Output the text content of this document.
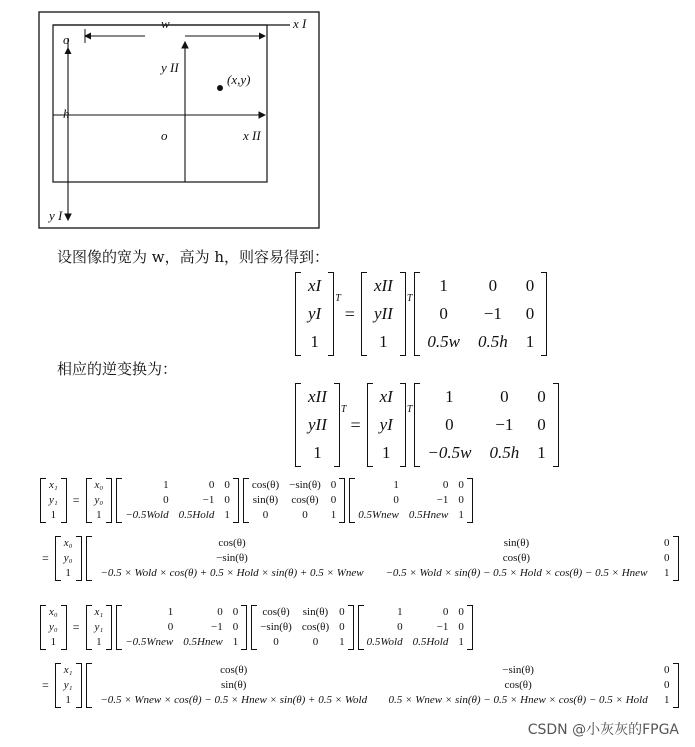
w	x I
o
y II
(x,y)
h
o	x II
y I
设图像的宽为 w，高为 h，则容易得到：
xI
yI
1
T
=
xII
yII
1
T
1	0	0
0	−1	0
0.5w	0.5h	1
相应的逆变换为：
xII
yII
1
T
=
xI
yI
1
T
1	0	0
0	−1	0
−0.5w	0.5h	1
x₁
y₁
1
=
x₀
y₀
1
1	0	0
0	−1	0
−0.5Wold	0.5Hold	1
cos(θ)	−sin(θ)	0
sin(θ)	cos(θ)	0
0	0	1
1	0	0
0	−1	0
0.5Wnew	0.5Hnew	1
=
x₀
y₀
1
cos(θ)	sin(θ)	0
−sin(θ)	cos(θ)	0
−0.5 × Wold × cos(θ) + 0.5 × Hold × sin(θ) + 0.5 × Wnew	−0.5 × Wold × sin(θ) − 0.5 × Hold × cos(θ) − 0.5 × Hnew	1
x₀
y₀
1
=
x₁
y₁
1
1	0	0
0	−1	0
−0.5Wnew	0.5Hnew	1
cos(θ)	sin(θ)	0
−sin(θ)	cos(θ)	0
0	0	1
1	0	0
0	−1	0
0.5Wold	0.5Hold	1
=
x₁
y₁
1
cos(θ)	−sin(θ)	0
sin(θ)	cos(θ)	0
−0.5 × Wnew × cos(θ) − 0.5 × Hnew × sin(θ) + 0.5 × Wold	0.5 × Wnew × sin(θ) − 0.5 × Hnew × cos(θ) − 0.5 × Hold	1
CSDN @小灰灰的FPGA
